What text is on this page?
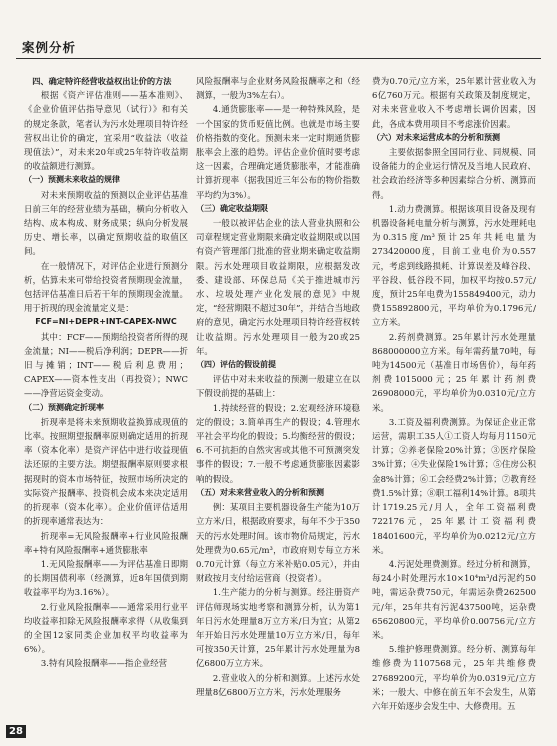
案例分析

四、确定特许经营收益权出让价的方法

根据《资产评估准则——基本准则》、《企业价值评估指导意见（试行）》和有关的规定条款，笔者认为污水处理项目特许经营权出让价的确定，宜采用“收益法（收益现值法）”，对未来20年或25年特许收益期的收益额进行测算。

（一）预测未来收益的规律

对未来预期收益的预测以企业评估基准日前三年的经营业绩为基础，横向分析收入结构、成本构成、财务成果；纵向分析发展历史、增长率，以确定预期收益的取值区间。

在一般情况下，对评估企业进行预测分析，估算未来可带给投资者预期现金流量，包括评估基准日后若干年的预期现金流量。用于折现的现金流量定义是：

FCF=NI+DEPR+INT-CAPEX-NWC

其中：FCF——预期给投资者所得的现金流量；NI——税后净利润；DEPR——折旧与摊销；INT——税后利息费用；CAPEX——资本性支出（再投资）；NWC——净营运资金变动。

（二）预测确定折现率

折现率是将未来预期收益换算成现值的比率。按照期望报酬率原则确定适用的折现率（资本化率）是资产评估中进行收益现值法还原的主要方法。期望报酬率原则要求根据现时的资本市场特征，按照市场所决定的实际资产报酬率、投资机会成本来决定适用的折现率（资本化率）。企业价值评估适用的折现率通常表达为：

折现率=无风险报酬率+行业风险报酬率+特有风险报酬率+通货膨胀率

1.无风险报酬率——为评估基准日即期的长期国债利率（经测算，近8年国债到期收益率平均为3.16%）。

2.行业风险报酬率——通常采用行业平均收益率扣除无风险报酬率求得（从收集到的全国12家同类企业加权平均收益率为6%）。

3.特有风险报酬率——指企业经营

风险报酬率与企业财务风险报酬率之和（经测算，一般为3%左右）。

4.通货膨胀率——是一种特殊风险，是一个国家的货币贬值比例。也就是市场主要价格指数的变化。预测未来一定时期通货膨胀率会上涨的趋势。评估企业价值时要考虑这一因素，合理确定通货膨胀率，才能准确计算折现率（据我国近三年公布的物价指数平均约为3%）。

（三）确定收益期限

一般以被评估企业的法人营业执照和公司章程规定营业期限来确定收益期限或以国有资产管理部门批准的营业期来确定收益期限。污水处理项目收益期限，应根据发改委、建设部、环保总局《关于推进城市污水、垃圾处理产业化发展的意见》中规定，“经营期限不超过30年”，并结合当地政府的意见，确定污水处理项目特许经营权转让收益期。污水处理项目一般为20或25年。

（四）评估的假设前提

评估中对未来收益的预测一般建立在以下假设前提的基础上：

1.持续经营的假设；2.宏观经济环境稳定的假设；3.简单再生产的假设；4.管理水平社会平均化的假设；5.均衡经营的假设；6.不可抗拒的自然灾害或其他不可预测突发事件的假设；7.一般不考虑通货膨胀因素影响的假设。

（五）对未来营业收入的分析和预测

例：某项目主要机器设备生产能为10万立方米/日，根据政府要求，每年不少于350天的污水处理时间。该市物价局规定，污水处理费为0.65元/m³，市政府则专每立方米0.70元计算（每立方米补贴0.05元），并由财政按月支付给运营商（投资者）。

1.生产能力的分析与测算。经注册资产评估师现场实地考察和测算分析，认为第1年日污水处理量8万立方米/日为宜；从第2年开始日污水处理量10万立方米/日，每年可按350天计算，25年累计污水处理量为8亿6800万立方米。

2.营业收入的分析和测算。上述污水处理量8亿6800万立方米，污水处理服务

费为0.70元/立方米，25年累计营业收入为6亿760万元。根据有关政策及制度规定，对未来营业收入不考虑增长调价因素，因此，各成本费用项目不考虑涨价因素。

（六）对未来运营成本的分析和预测

主要依据参照全国同行业、同规模、同设备能力的企业运行情况及当地人民政府、社会政治经济等多种因素综合分析、测算而得。

1.动力费测算。根据该项目设备及现有机器设备耗电量分析与测算，污水处理耗电为0.315度/m³预计25年共耗电量为273420000度，目前工业电价为0.557元，考虑到线路损耗、计算误差及峰谷段、平谷段、低谷段不同，加权平均按0.57元/度，预计25年电费为155849400元，动力费155892800元，平均单价为0.1796元/立方米。

2.药剂费测算。25年累计污水处理量868000000立方米。每年需药量70吨，每吨为14500元（基准日市场售价），每年药剂费1015000元；25年累计药剂费26908000元，平均单价为0.0310元/立方米。

3.工资及福利费测算。为保证企业正常运营，需职工35人①工资人均每月1150元计算；②养老保险20%计算；③医疗保险3%计算；④失业保险1%计算；⑤住房公积金8%计算；⑥工会经费2%计算；⑦教育经费1.5%计算；⑧职工福利14%计算。8项共计1719.25元/月人，全年工资福利费722176元，25年累计工资福利费18401600元，平均单价为0.0212元/立方米。

4.污泥处理费测算。经过分析和测算，每24小时处理污水10×10⁴m³/d污泥约50吨，需运杂费750元，年需运杂费262500元/年，25年共有污泥437500吨，运杂费65620800元，平均单价0.00756元/立方米。

5.维护修理费测算。经分析、测算每年维修费为1107568元，25年共维修费27689200元，平均单价为0.0319元/立方米；一般大、中修在前五年不会发生，从第六年开始逐步会发生中、大修费用。五

28
